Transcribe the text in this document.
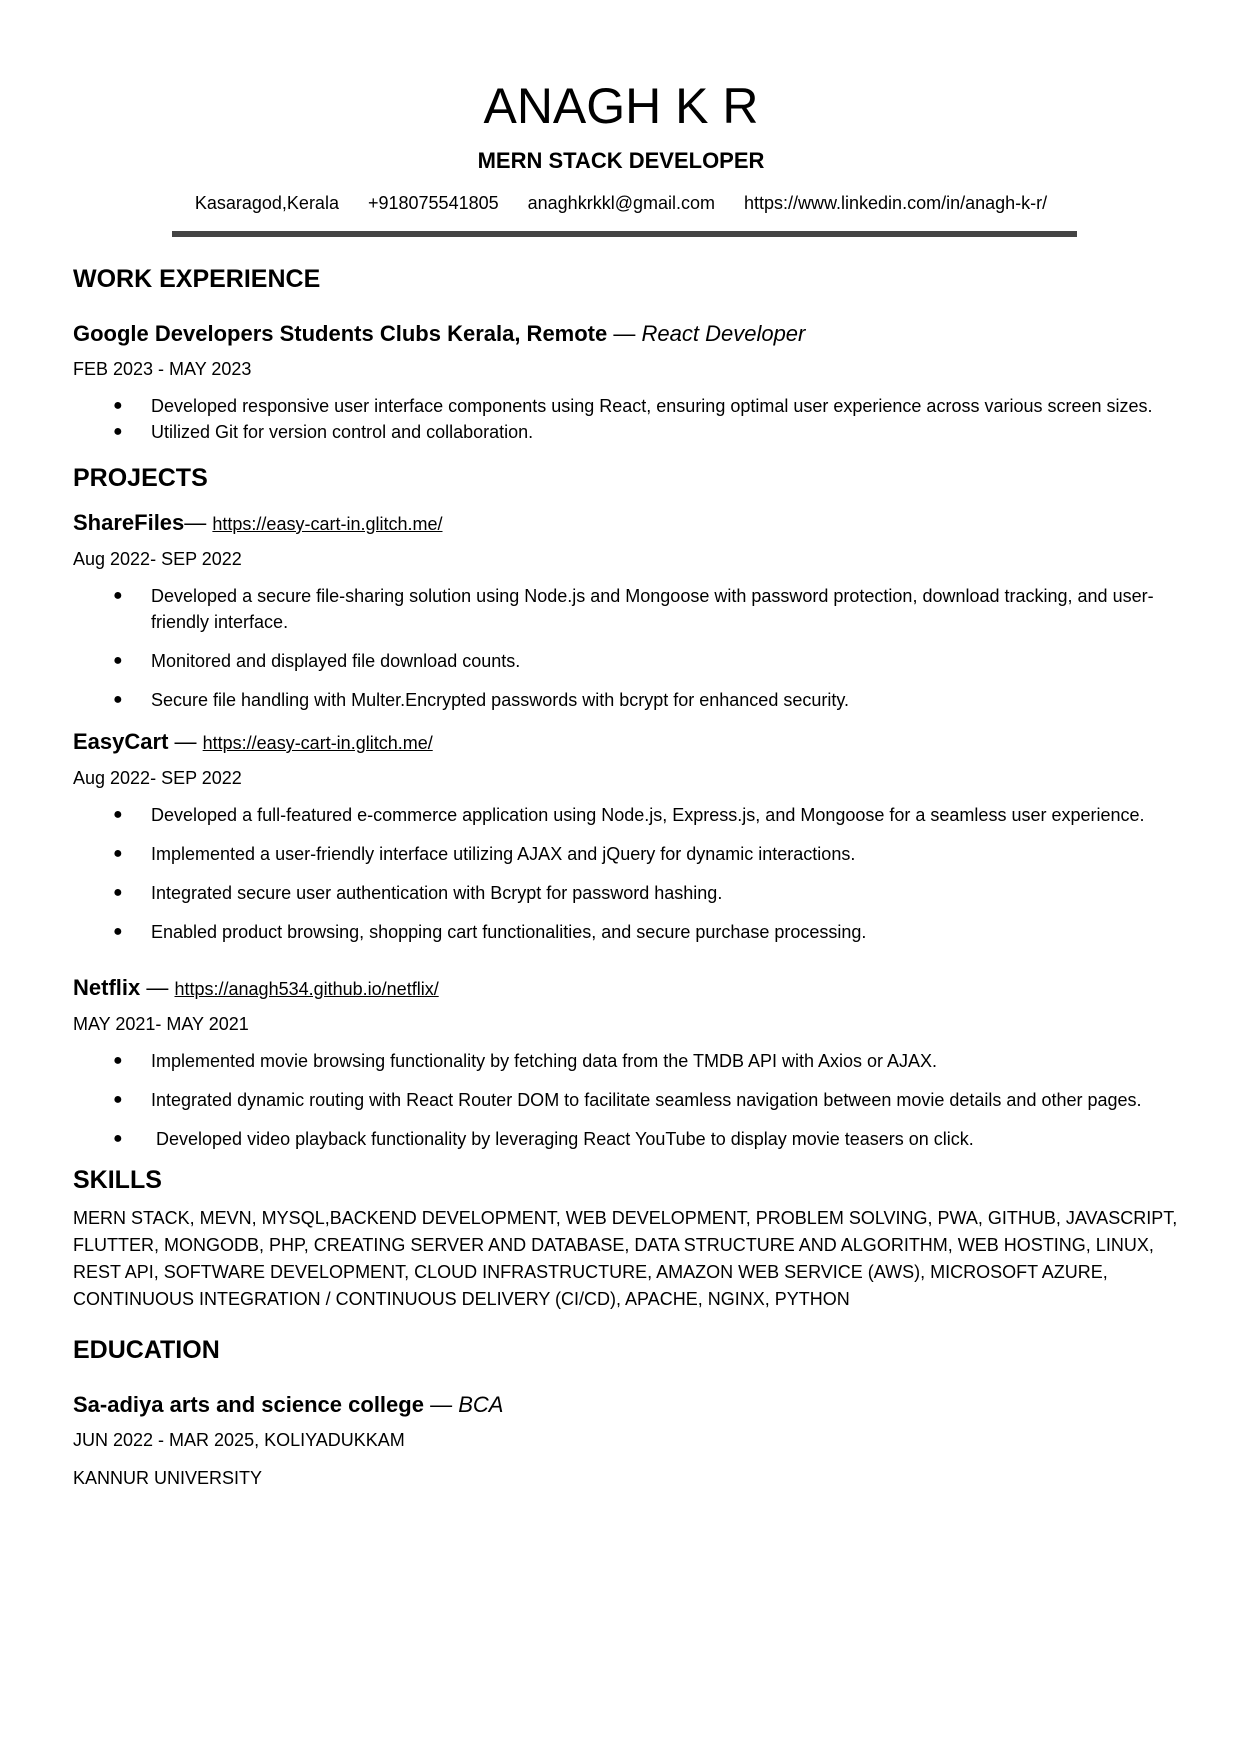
ANAGH K R
MERN STACK DEVELOPER
Kasaragod,Kerala +918075541805 anaghkrkkl@gmail.com https://www.linkedin.com/in/anagh-k-r/
WORK EXPERIENCE
Google Developers Students Clubs Kerala, Remote — React Developer

FEB 2023 - MAY 2023

● Developed responsive user interface components using React, ensuring optimal user experience across various screen sizes.
● Utilized Git for version control and collaboration.
PROJECTS
ShareFiles— https://easy-cart-in.glitch.me/

Aug 2022- SEP 2022

● Developed a secure file-sharing solution using Node.js and Mongoose with password protection, download tracking, and user-friendly interface.
● Monitored and displayed file download counts.
● Secure file handling with Multer.Encrypted passwords with bcrypt for enhanced security.
EasyCart — https://easy-cart-in.glitch.me/

Aug 2022- SEP 2022

● Developed a full-featured e-commerce application using Node.js, Express.js, and Mongoose for a seamless user experience.
● Implemented a user-friendly interface utilizing AJAX and jQuery for dynamic interactions.
● Integrated secure user authentication with Bcrypt for password hashing.
● Enabled product browsing, shopping cart functionalities, and secure purchase processing.
Netflix — https://anagh534.github.io/netflix/

MAY 2021- MAY 2021

● Implemented movie browsing functionality by fetching data from the TMDB API with Axios or AJAX.
● Integrated dynamic routing with React Router DOM to facilitate seamless navigation between movie details and other pages.
● Developed video playback functionality by leveraging React YouTube to display movie teasers on click.
SKILLS

MERN STACK, MEVN, MYSQL,BACKEND DEVELOPMENT, WEB DEVELOPMENT, PROBLEM SOLVING, PWA, GITHUB, JAVASCRIPT, FLUTTER, MONGODB, PHP, CREATING SERVER AND DATABASE, DATA STRUCTURE AND ALGORITHM, WEB HOSTING, LINUX, REST API, SOFTWARE DEVELOPMENT, CLOUD INFRASTRUCTURE, AMAZON WEB SERVICE (AWS), MICROSOFT AZURE, CONTINUOUS INTEGRATION / CONTINUOUS DELIVERY (CI/CD), APACHE, NGINX, PYTHON

EDUCATION
Sa-adiya arts and science college — BCA

JUN 2022 - MAR 2025, KOLIYADUKKAM

KANNUR UNIVERSITY
